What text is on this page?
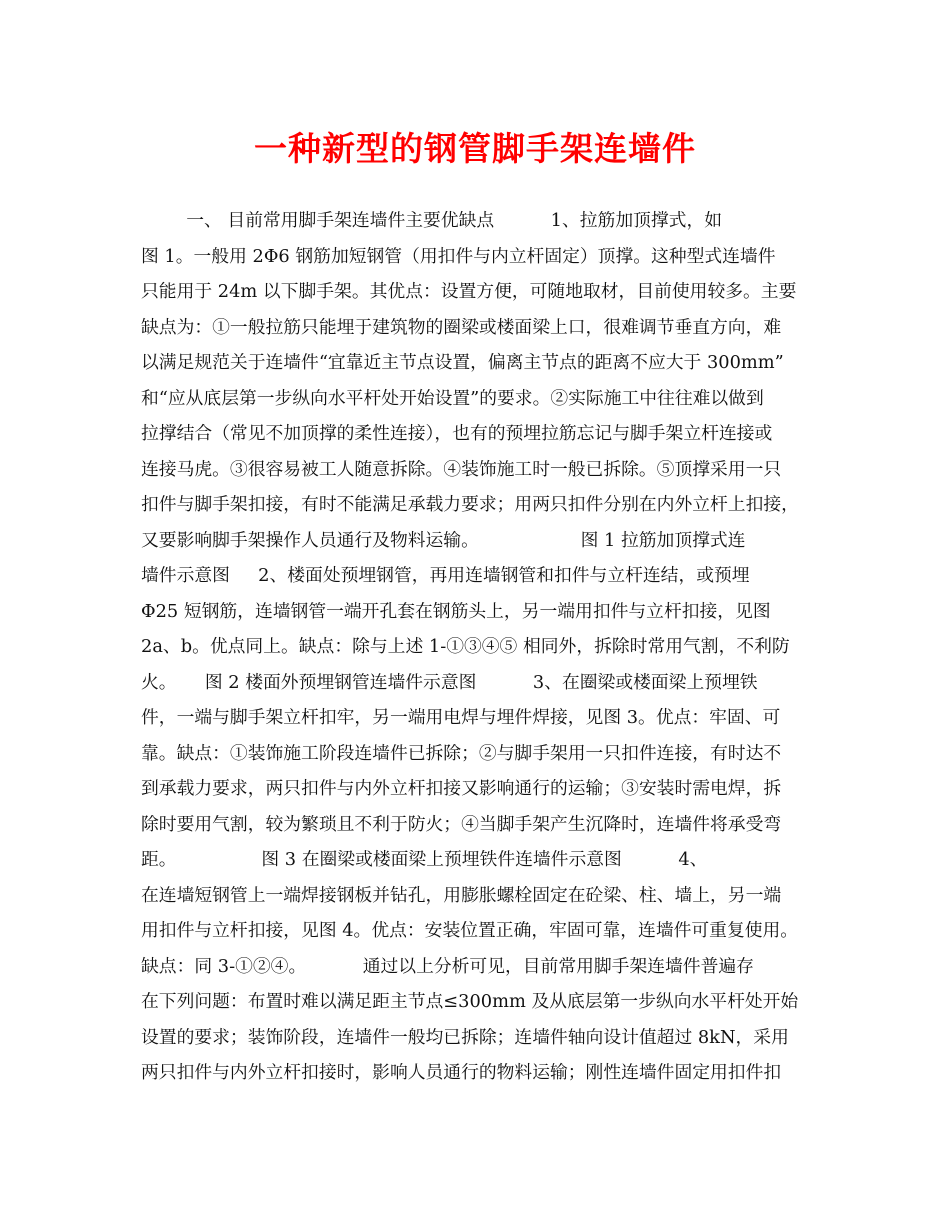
一种新型的钢管脚手架连墙件
一、 目前常用脚手架连墙件主要优缺点          1、拉筋加顶撑式，如
图 1。一般用 2Φ6 钢筋加短钢管（用扣件与内立杆固定）顶撑。这种型式连墙件
只能用于 24m 以下脚手架。其优点：设置方便，可随地取材，目前使用较多。主要
缺点为：①一般拉筋只能埋于建筑物的圈梁或楼面梁上口，很难调节垂直方向，难
以满足规范关于连墙件“宜靠近主节点设置，偏离主节点的距离不应大于 300mm”
和“应从底层第一步纵向水平杆处开始设置”的要求。②实际施工中往往难以做到
拉撑结合（常见不加顶撑的柔性连接），也有的预埋拉筋忘记与脚手架立杆连接或
连接马虎。③很容易被工人随意拆除。④装饰施工时一般已拆除。⑤顶撑采用一只
扣件与脚手架扣接，有时不能满足承载力要求；用两只扣件分别在内外立杆上扣接，
又要影响脚手架操作人员通行及物料运输。                  图 1 拉筋加顶撑式连
墙件示意图     2、楼面处预埋钢管，再用连墙钢管和扣件与立杆连结，或预埋
Φ25 短钢筋，连墙钢管一端开孔套在钢筋头上，另一端用扣件与立杆扣接，见图
2a、b。优点同上。缺点：除与上述 1-①③④⑤ 相同外，拆除时常用气割，不利防
火。     图 2 楼面外预埋钢管连墙件示意图          3、在圈梁或楼面梁上预埋铁
件，一端与脚手架立杆扣牢，另一端用电焊与埋件焊接，见图 3。优点：牢固、可
靠。缺点：①装饰施工阶段连墙件已拆除；②与脚手架用一只扣件连接，有时达不
到承载力要求，两只扣件与内外立杆扣接又影响通行的运输；③安装时需电焊，拆
除时要用气割，较为繁琐且不利于防火；④当脚手架产生沉降时，连墙件将承受弯
距。               图 3 在圈梁或楼面梁上预埋铁件连墙件示意图          4、
在连墙短钢管上一端焊接钢板并钻孔，用膨胀螺栓固定在砼梁、柱、墙上，另一端
用扣件与立杆扣接，见图 4。优点：安装位置正确，牢固可靠，连墙件可重复使用。
缺点：同 3-①②④。          通过以上分析可见，目前常用脚手架连墙件普遍存
在下列问题：布置时难以满足距主节点≤300mm 及从底层第一步纵向水平杆处开始
设置的要求；装饰阶段，连墙件一般均已拆除；连墙件轴向设计值超过 8kN，采用
两只扣件与内外立杆扣接时，影响人员通行的物料运输；刚性连墙件固定用扣件扣
